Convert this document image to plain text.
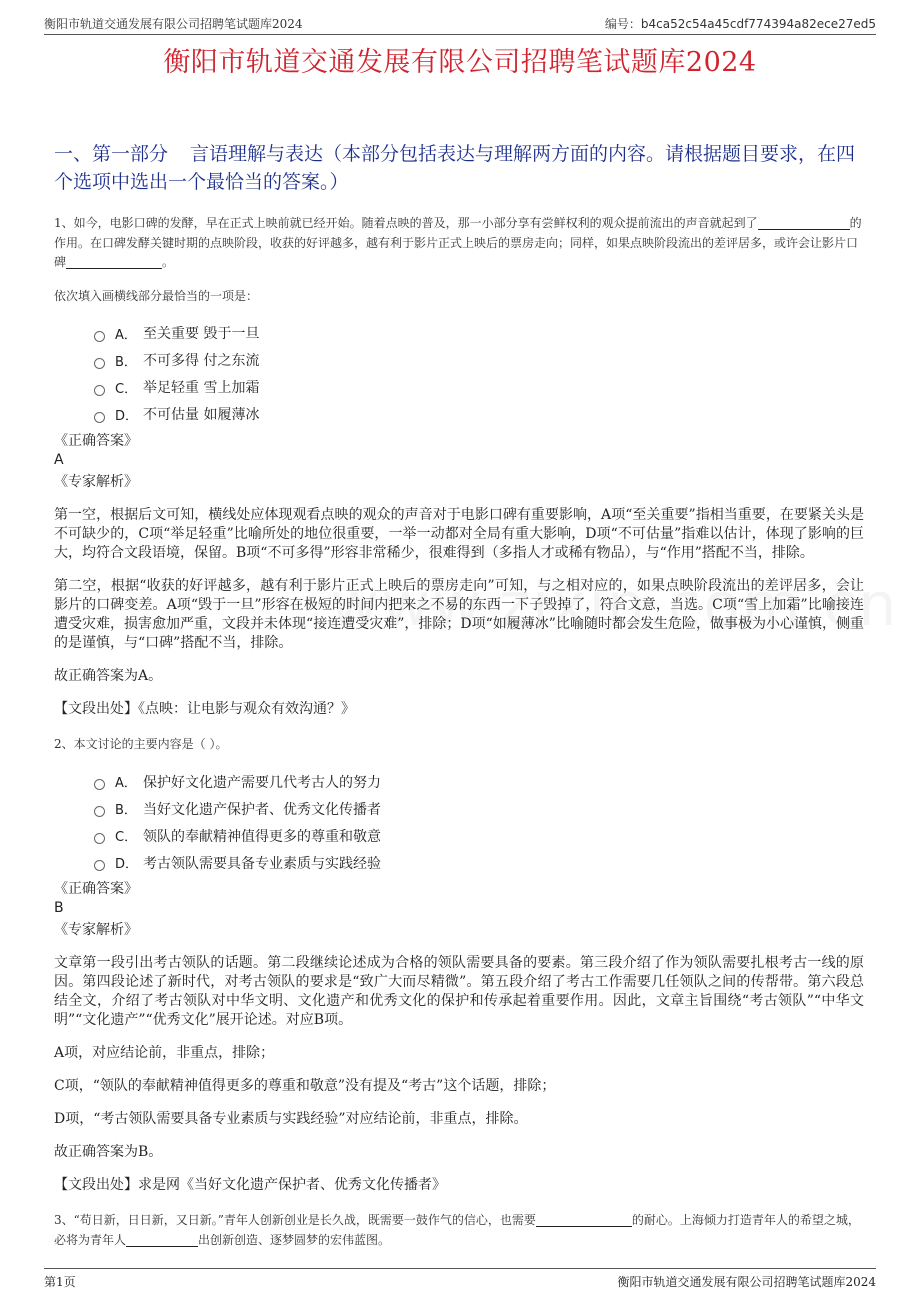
衡阳市轨道交通发展有限公司招聘笔试题库2024	编号：b4ca52c54a45cdf774394a82ece27ed5
衡阳市轨道交通发展有限公司招聘笔试题库2024

一、第一部分 言语理解与表达（本部分包括表达与理解两方面的内容。请根据题目要求，在四个选项中选出一个最恰当的答案。）

1、如今，电影口碑的发酵，早在正式上映前就已经开始。随着点映的普及，那一小部分享有尝鲜权利的观众提前流出的声音就起到了	的作用。在口碑发酵关键时期的点映阶段，收获的好评越多，越有利于影片正式上映后的票房走向；同样，如果点映阶段流出的差评居多，或许会让影片口碑	。

依次填入画横线部分最恰当的一项是：

A． 至关重要 毁于一旦
B． 不可多得 付之东流
C． 举足轻重 雪上加霜
D． 不可估量 如履薄冰

《正确答案》

A

《专家解析》

第一空，根据后文可知，横线处应体现观看点映的观众的声音对于电影口碑有重要影响，A项“至关重要”指相当重要，在要紧关头是不可缺少的，C项“举足轻重”比喻所处的地位很重要，一举一动都对全局有重大影响，D项“不可估量”指难以估计，体现了影响的巨大，均符合文段语境，保留。B项“不可多得”形容非常稀少，很难得到（多指人才或稀有物品），与“作用”搭配不当，排除。

第二空，根据“收获的好评越多，越有利于影片正式上映后的票房走向”可知，与之相对应的，如果点映阶段流出的差评居多，会让影片的口碑变差。A项“毁于一旦”形容在极短的时间内把来之不易的东西一下子毁掉了，符合文意，当选。C项“雪上加霜”比喻接连遭受灾难，损害愈加严重，文段并未体现“接连遭受灾难”，排除；D项“如履薄冰”比喻随时都会发生危险，做事极为小心谨慎，侧重的是谨慎，与“口碑”搭配不当，排除。

故正确答案为A。

【文段出处】《点映：让电影与观众有效沟通？》

2、本文讨论的主要内容是（ ）。

A． 保护好文化遗产需要几代考古人的努力
B． 当好文化遗产保护者、优秀文化传播者
C． 领队的奉献精神值得更多的尊重和敬意
D． 考古领队需要具备专业素质与实践经验

《正确答案》

B

《专家解析》

文章第一段引出考古领队的话题。第二段继续论述成为合格的领队需要具备的要素。第三段介绍了作为领队需要扎根考古一线的原因。第四段论述了新时代，对考古领队的要求是“致广大而尽精微”。第五段介绍了考古工作需要几任领队之间的传帮带。第六段总结全文，介绍了考古领队对中华文明、文化遗产和优秀文化的保护和传承起着重要作用。因此，文章主旨围绕“考古领队”“中华文明”“文化遗产”“优秀文化”展开论述。对应B项。

A项，对应结论前，非重点，排除；

C项，“领队的奉献精神值得更多的尊重和敬意”没有提及“考古”这个话题，排除；

D项，“考古领队需要具备专业素质与实践经验”对应结论前，非重点，排除。

故正确答案为B。

【文段出处】求是网《当好文化遗产保护者、优秀文化传播者》

3、“苟日新，日日新，又日新。”青年人创新创业是长久战，既需要一鼓作气的信心，也需要	的耐心。上海倾力打造青年人的希望之城，必将为青年人	出创新创造、逐梦圆梦的宏伟蓝图。

第1页	衡阳市轨道交通发展有限公司招聘笔试题库2024
